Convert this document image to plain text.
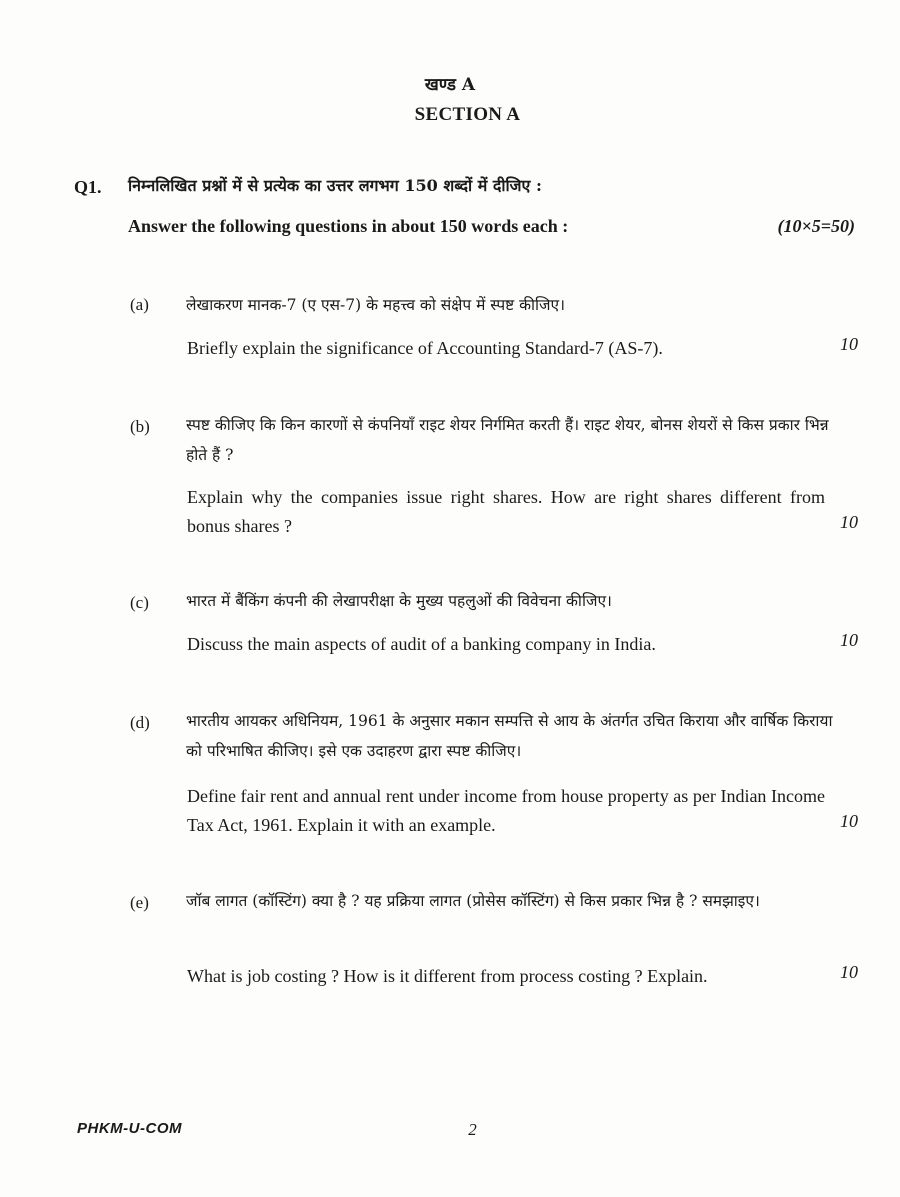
खण्ड A
SECTION A
Q1. निम्नलिखित प्रश्नों में से प्रत्येक का उत्तर लगभग 150 शब्दों में दीजिए :
Answer the following questions in about 150 words each :	(10×5=50)
(a) लेखाकरण मानक-7 (ए एस-7) के महत्त्व को संक्षेप में स्पष्ट कीजिए।
Briefly explain the significance of Accounting Standard-7 (AS-7).	10
(b) स्पष्ट कीजिए कि किन कारणों से कंपनियाँ राइट शेयर निर्गमित करती हैं। राइट शेयर, बोनस शेयरों से किस प्रकार भिन्न होते हैं ?
Explain why the companies issue right shares. How are right shares different from bonus shares ?	10
(c) भारत में बैंकिंग कंपनी की लेखापरीक्षा के मुख्य पहलुओं की विवेचना कीजिए।
Discuss the main aspects of audit of a banking company in India.	10
(d) भारतीय आयकर अधिनियम, 1961 के अनुसार मकान सम्पत्ति से आय के अंतर्गत उचित किराया और वार्षिक किराया को परिभाषित कीजिए। इसे एक उदाहरण द्वारा स्पष्ट कीजिए।
Define fair rent and annual rent under income from house property as per Indian Income Tax Act, 1961. Explain it with an example.	10
(e) जॉब लागत (कॉस्टिंग) क्या है ? यह प्रक्रिया लागत (प्रोसेस कॉस्टिंग) से किस प्रकार भिन्न है ? समझाइए।
What is job costing ? How is it different from process costing ? Explain.	10
PHKM-U-COM	2
